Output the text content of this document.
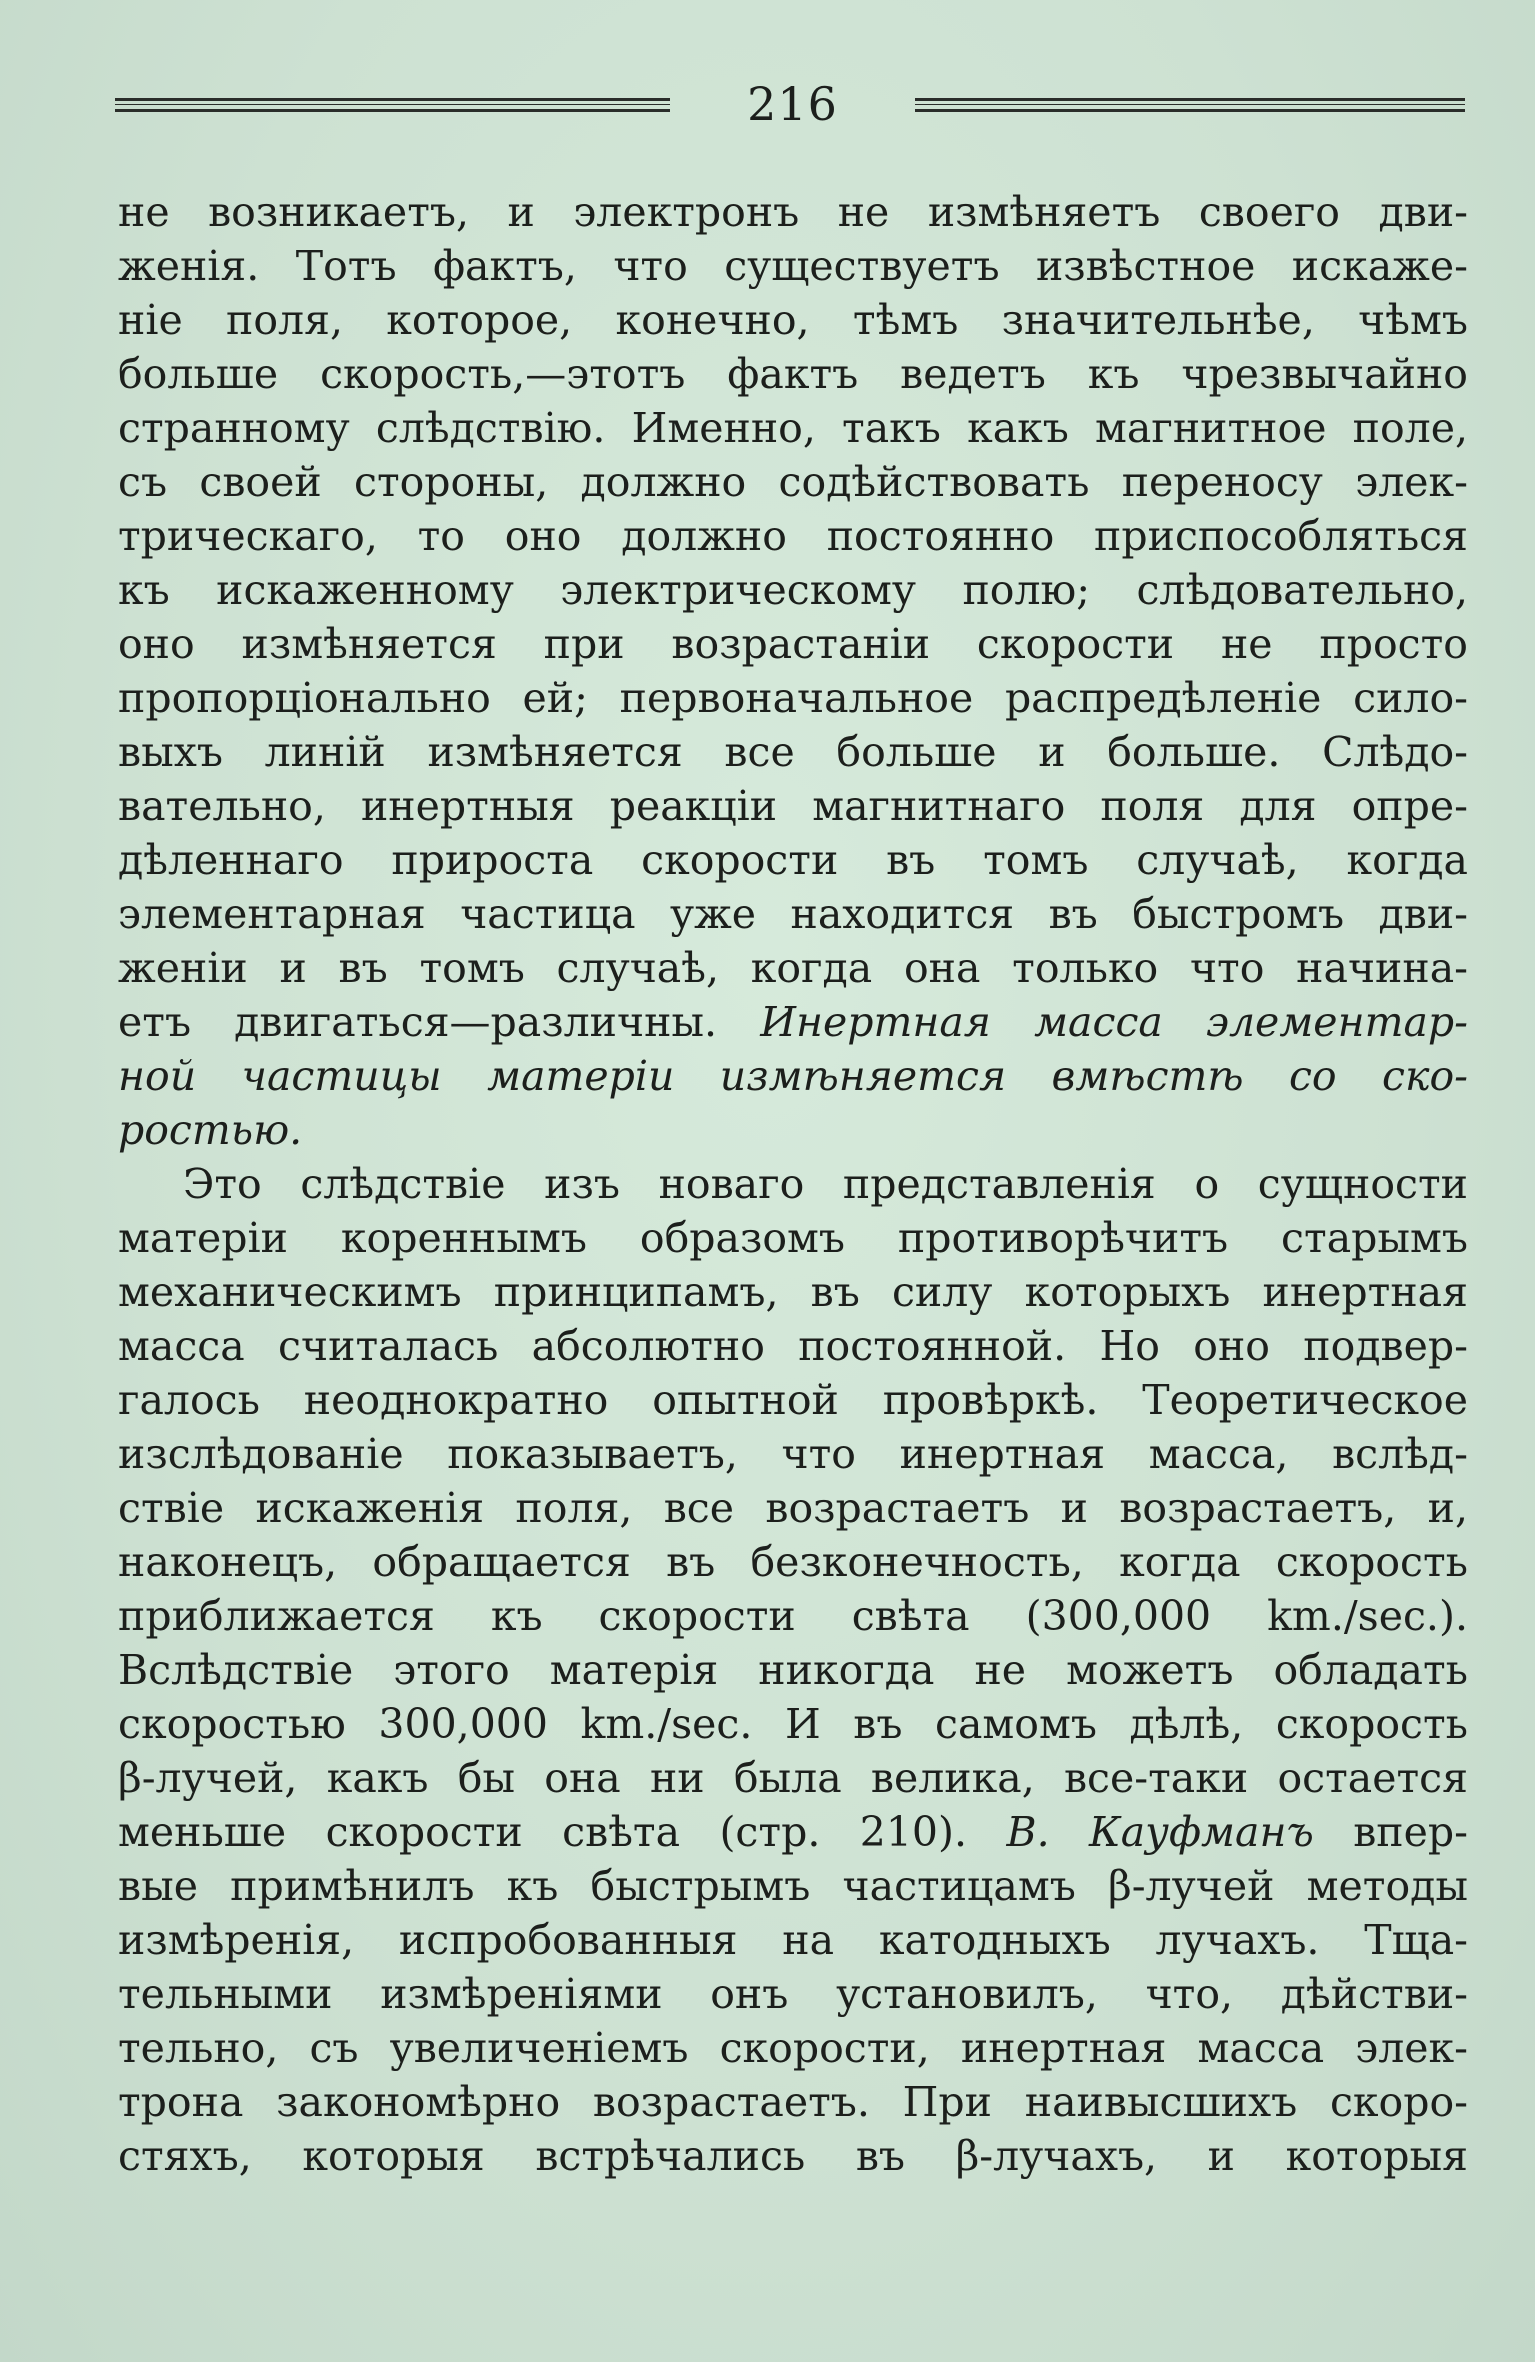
216
не возникаетъ, и электронъ не измѣняетъ своего дви-
женія. Тотъ фактъ, что существуетъ извѣстное искаже-
ніе поля, которое, конечно, тѣмъ значительнѣе, чѣмъ
больше скорость,—этотъ фактъ ведетъ къ чрезвычайно
странному слѣдствію. Именно, такъ какъ магнитное поле,
съ своей стороны, должно содѣйствовать переносу элек-
трическаго, то оно должно постоянно приспособляться
къ искаженному электрическому полю; слѣдовательно,
оно измѣняется при возрастаніи скорости не просто
пропорціонально ей; первоначальное распредѣленіе сило-
выхъ линій измѣняется все больше и больше. Слѣдо-
вательно, инертныя реакціи магнитнаго поля для опре-
дѣленнаго прироста скорости въ томъ случаѣ, когда
элементарная частица уже находится въ быстромъ дви-
женіи и въ томъ случаѣ, когда она только что начина-
етъ двигаться—различны. Инертная масса элементар-
ной частицы матеріи измѣняется вмѣстѣ со ско-
ростью.
Это слѣдствіе изъ новаго представленія о сущности
матеріи кореннымъ образомъ противорѣчитъ старымъ
механическимъ принципамъ, въ силу которыхъ инертная
масса считалась абсолютно постоянной. Но оно подвер-
галось неоднократно опытной провѣркѣ. Теоретическое
изслѣдованіе показываетъ, что инертная масса, вслѣд-
ствіе искаженія поля, все возрастаетъ и возрастаетъ, и,
наконецъ, обращается въ безконечность, когда скорость
приближается къ скорости свѣта (300,000 km./sec.).
Вслѣдствіе этого матерія никогда не можетъ обладать
скоростью 300,000 km./sec. И въ самомъ дѣлѣ, скорость
β-лучей, какъ бы она ни была велика, все-таки остается
меньше скорости свѣта (стр. 210). В. Кауфманъ впер-
вые примѣнилъ къ быстрымъ частицамъ β-лучей методы
измѣренія, испробованныя на катодныхъ лучахъ. Тща-
тельными измѣреніями онъ установилъ, что, дѣйстви-
тельно, съ увеличеніемъ скорости, инертная масса элек-
трона закономѣрно возрастаетъ. При наивысшихъ скоро-
стяхъ, которыя встрѣчались въ β-лучахъ, и которыя
